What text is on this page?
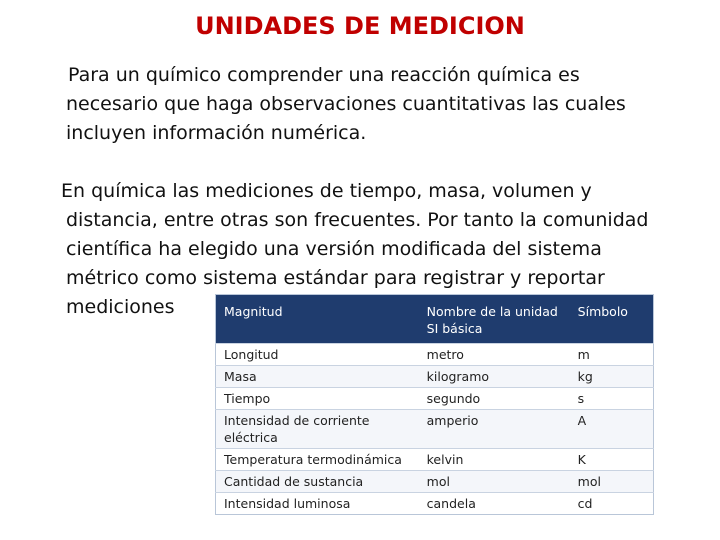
UNIDADES DE MEDICION

Para un químico comprender una reacción química es
necesario que haga observaciones cuantitativas las cuales
incluyen información numérica.

En química las mediciones de tiempo, masa, volumen y
distancia, entre otras son frecuentes. Por tanto la comunidad
científica ha elegido una versión modificada del sistema
métrico como sistema estándar para registrar y reportar
mediciones	Magnitud	Nombre de la unidad
SI básica	Símbolo
Longitud	metro	m
Masa	kilogramo	kg
Tiempo	segundo	s
Intensidad de corriente
eléctrica	amperio	A
Temperatura termodinámica	kelvin	K
Cantidad de sustancia	mol	mol
Intensidad luminosa	candela	cd
